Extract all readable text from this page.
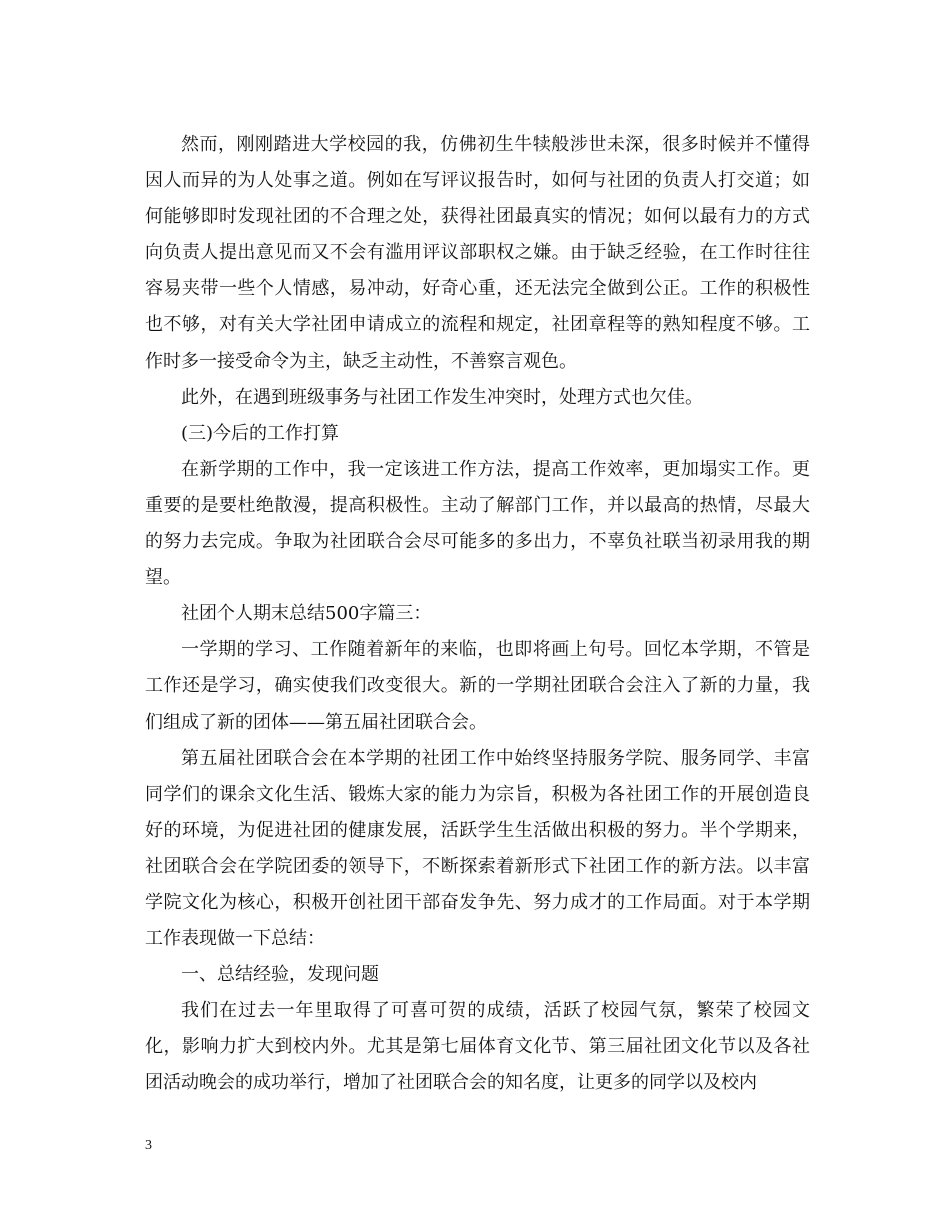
然而，刚刚踏进大学校园的我，仿佛初生牛犊般涉世未深，很多时候并不懂得因人而异的为人处事之道。例如在写评议报告时，如何与社团的负责人打交道；如何能够即时发现社团的不合理之处，获得社团最真实的情况；如何以最有力的方式向负责人提出意见而又不会有滥用评议部职权之嫌。由于缺乏经验，在工作时往往容易夹带一些个人情感，易冲动，好奇心重，还无法完全做到公正。工作的积极性也不够，对有关大学社团申请成立的流程和规定，社团章程等的熟知程度不够。工作时多一接受命令为主，缺乏主动性，不善察言观色。

此外，在遇到班级事务与社团工作发生冲突时，处理方式也欠佳。

(三)今后的工作打算

在新学期的工作中，我一定该进工作方法，提高工作效率，更加塌实工作。更重要的是要杜绝散漫，提高积极性。主动了解部门工作，并以最高的热情，尽最大的努力去完成。争取为社团联合会尽可能多的多出力，不辜负社联当初录用我的期望。

社团个人期末总结500字篇三：

一学期的学习、工作随着新年的来临，也即将画上句号。回忆本学期，不管是工作还是学习，确实使我们改变很大。新的一学期社团联合会注入了新的力量，我们组成了新的团体——第五届社团联合会。

第五届社团联合会在本学期的社团工作中始终坚持服务学院、服务同学、丰富同学们的课余文化生活、锻炼大家的能力为宗旨，积极为各社团工作的开展创造良好的环境，为促进社团的健康发展，活跃学生生活做出积极的努力。半个学期来，社团联合会在学院团委的领导下，不断探索着新形式下社团工作的新方法。以丰富学院文化为核心，积极开创社团干部奋发争先、努力成才的工作局面。对于本学期工作表现做一下总结：

一、总结经验，发现问题

我们在过去一年里取得了可喜可贺的成绩，活跃了校园气氛，繁荣了校园文化，影响力扩大到校内外。尤其是第七届体育文化节、第三届社团文化节以及各社团活动晚会的成功举行，增加了社团联合会的知名度，让更多的同学以及校内

3
